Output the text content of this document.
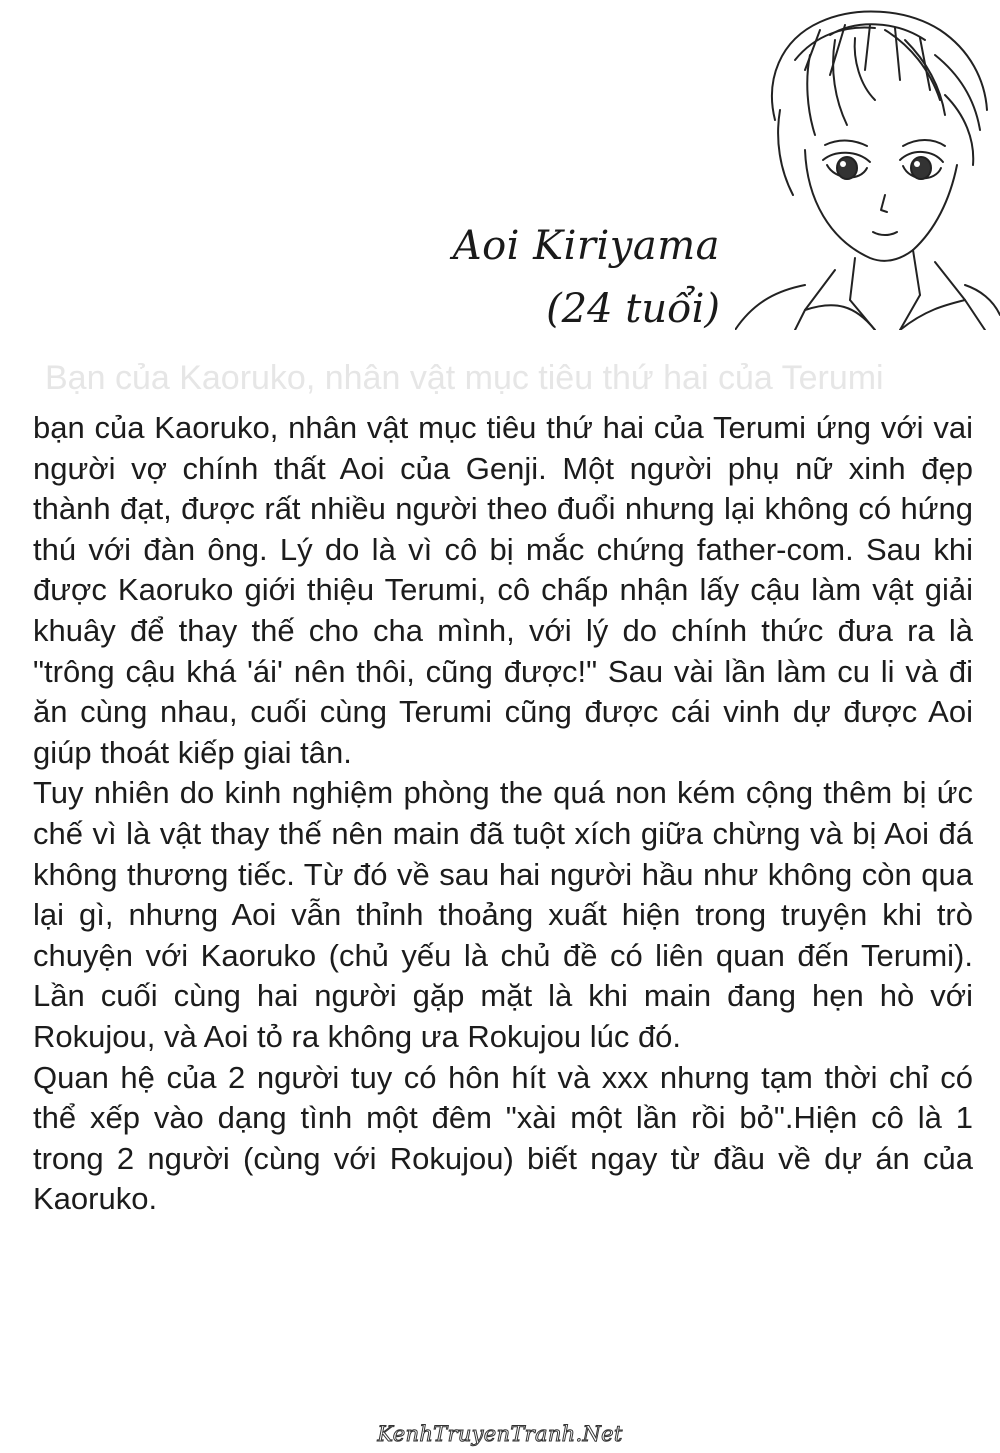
Aoi Kiriyama
(24 tuổi)
Bạn của Kaoruko, nhân vật mục tiêu thứ hai của Terumi

bạn của Kaoruko, nhân vật mục tiêu thứ hai của Terumi ứng với vai người vợ chính thất Aoi của Genji. Một người phụ nữ xinh đẹp thành đạt, được rất nhiều người theo đuổi nhưng lại không có hứng thú với đàn ông. Lý do là vì cô bị mắc chứng father-com. Sau khi được Kaoruko giới thiệu Terumi, cô chấp nhận lấy cậu làm vật giải khuây để thay thế cho cha mình, với lý do chính thức đưa ra là "trông cậu khá 'ái' nên thôi, cũng được!" Sau vài lần làm cu li và đi ăn cùng nhau, cuối cùng Terumi cũng được cái vinh dự được Aoi giúp thoát kiếp giai tân.

Tuy nhiên do kinh nghiệm phòng the quá non kém cộng thêm bị ức chế vì là vật thay thế nên main đã tuột xích giữa chừng và bị Aoi đá không thương tiếc. Từ đó về sau hai người hầu như không còn qua lại gì, nhưng Aoi vẫn thỉnh thoảng xuất hiện trong truyện khi trò chuyện với Kaoruko (chủ yếu là chủ đề có liên quan đến Terumi). Lần cuối cùng hai người gặp mặt là khi main đang hẹn hò với Rokujou, và Aoi tỏ ra không ưa Rokujou lúc đó.

Quan hệ của 2 người tuy có hôn hít và xxx nhưng tạm thời chỉ có thể xếp vào dạng tình một đêm "xài một lần rồi bỏ".Hiện cô là 1 trong 2 người (cùng với Rokujou) biết ngay từ đầu về dự án của Kaoruko.

KenhTruyenTranh.Net
